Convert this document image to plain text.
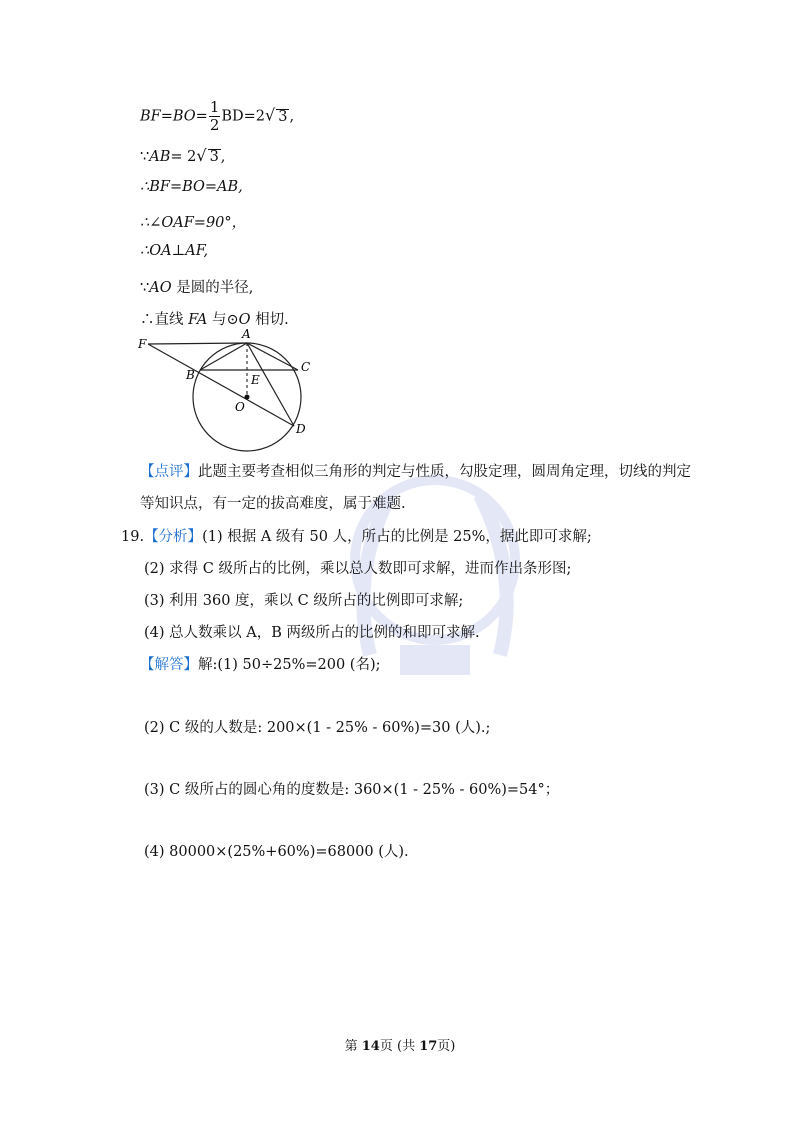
$BF=BO= \frac{1}{2} BD=2√$ 3 ,
∵AB= 2√ 3 ,
∴BF=BO=AB,
∴∠OAF=90°，
∴OA⊥AF,
∵AO 是圆的半径,
∴直线 FA 与⊙O 相切.
F
A
B
C
E
O
D
【点评】此题主要考查相似三角形的判定与性质，勾股定理，圆周角定理，切线的判定
等知识点，有一定的拔高难度，属于难题.
19.【分析】(1) 根据 A 级有 50 人，所占的比例是 25%，据此即可求解;
(2) 求得 C 级所占的比例，乘以总人数即可求解，进而作出条形图;
(3) 利用 360 度，乘以 C 级所占的比例即可求解;
(4) 总人数乘以 A，B 两级所占的比例的和即可求解.
【解答】解:(1) 50÷25%=200 (名);
(2) C 级的人数是: 200×(1 - 25% - 60%)=30 (人).;
(3) C 级所占的圆心角的度数是: 360×(1 - 25% - 60%)=54°；
(4) 80000×(25%+60%)=68000 (人).
第 14页 (共 17页)
